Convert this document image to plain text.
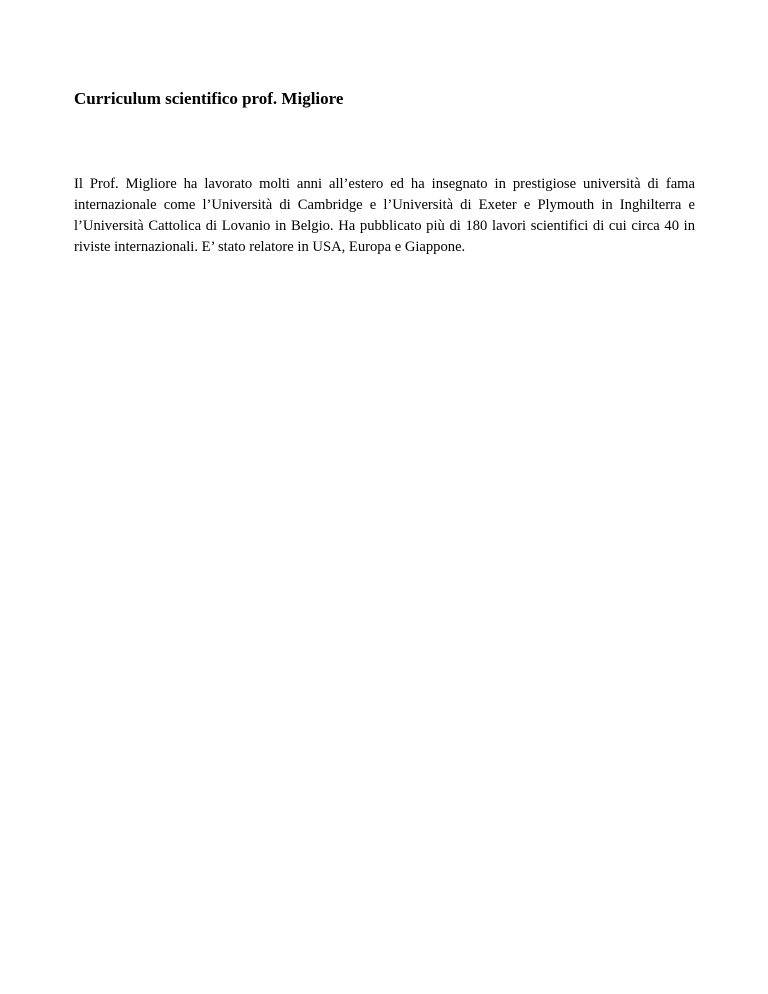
Curriculum scientifico prof. Migliore

Il Prof. Migliore ha lavorato molti anni all’estero ed ha insegnato in prestigiose università di fama internazionale come l’Università di Cambridge e l’Università di Exeter e Plymouth in Inghilterra e l’Università Cattolica di Lovanio in Belgio. Ha pubblicato più di 180 lavori scientifici di cui circa 40 in riviste internazionali. E’ stato relatore in USA, Europa e Giappone.
